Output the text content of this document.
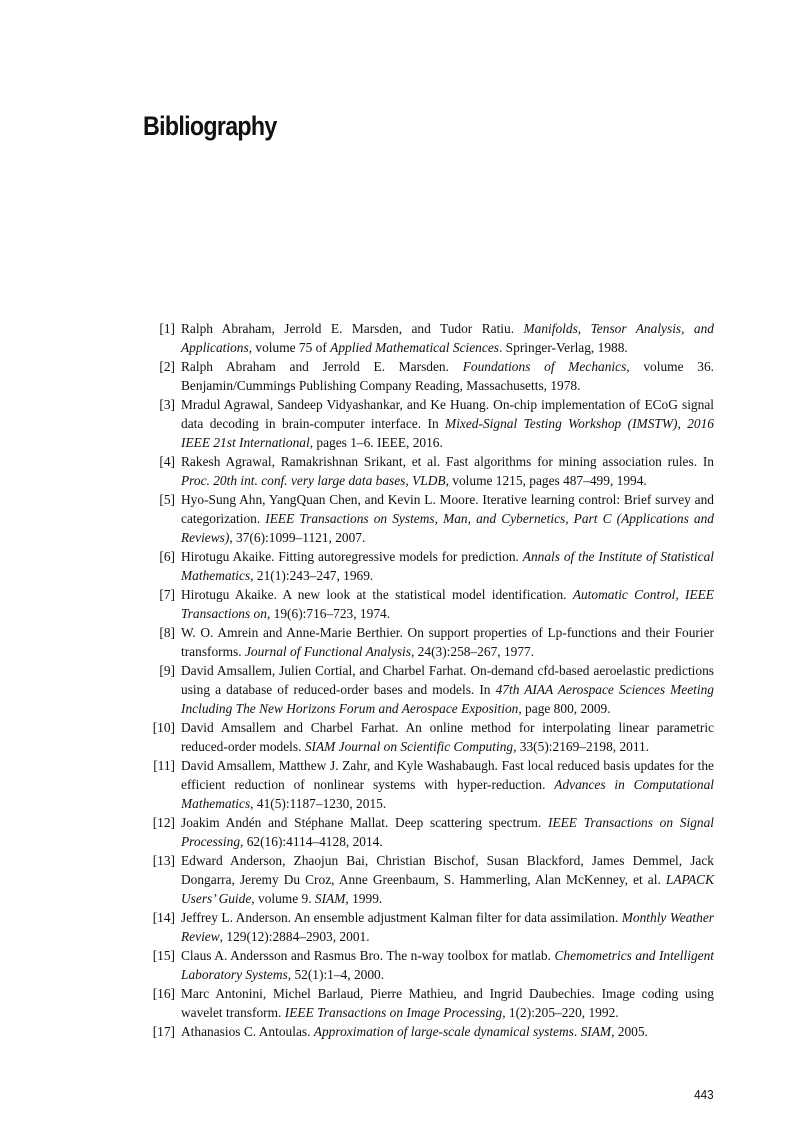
Bibliography
[1] Ralph Abraham, Jerrold E. Marsden, and Tudor Ratiu. Manifolds, Tensor Analysis, and Applications, volume 75 of Applied Mathematical Sciences. Springer-Verlag, 1988.
[2] Ralph Abraham and Jerrold E. Marsden. Foundations of Mechanics, volume 36. Benjamin/Cummings Publishing Company Reading, Massachusetts, 1978.
[3] Mradul Agrawal, Sandeep Vidyashankar, and Ke Huang. On-chip implementation of ECoG signal data decoding in brain-computer interface. In Mixed-Signal Testing Workshop (IMSTW), 2016 IEEE 21st International, pages 1–6. IEEE, 2016.
[4] Rakesh Agrawal, Ramakrishnan Srikant, et al. Fast algorithms for mining association rules. In Proc. 20th int. conf. very large data bases, VLDB, volume 1215, pages 487–499, 1994.
[5] Hyo-Sung Ahn, YangQuan Chen, and Kevin L. Moore. Iterative learning control: Brief survey and categorization. IEEE Transactions on Systems, Man, and Cybernetics, Part C (Applications and Reviews), 37(6):1099–1121, 2007.
[6] Hirotugu Akaike. Fitting autoregressive models for prediction. Annals of the Institute of Statistical Mathematics, 21(1):243–247, 1969.
[7] Hirotugu Akaike. A new look at the statistical model identification. Automatic Control, IEEE Transactions on, 19(6):716–723, 1974.
[8] W. O. Amrein and Anne-Marie Berthier. On support properties of Lp-functions and their Fourier transforms. Journal of Functional Analysis, 24(3):258–267, 1977.
[9] David Amsallem, Julien Cortial, and Charbel Farhat. On-demand cfd-based aeroelastic predictions using a database of reduced-order bases and models. In 47th AIAA Aerospace Sciences Meeting Including The New Horizons Forum and Aerospace Exposition, page 800, 2009.
[10] David Amsallem and Charbel Farhat. An online method for interpolating linear parametric reduced-order models. SIAM Journal on Scientific Computing, 33(5):2169–2198, 2011.
[11] David Amsallem, Matthew J. Zahr, and Kyle Washabaugh. Fast local reduced basis updates for the efficient reduction of nonlinear systems with hyper-reduction. Advances in Computational Mathematics, 41(5):1187–1230, 2015.
[12] Joakim Andén and Stéphane Mallat. Deep scattering spectrum. IEEE Transactions on Signal Processing, 62(16):4114–4128, 2014.
[13] Edward Anderson, Zhaojun Bai, Christian Bischof, Susan Blackford, James Demmel, Jack Dongarra, Jeremy Du Croz, Anne Greenbaum, S. Hammerling, Alan McKenney, et al. LAPACK Users’ Guide, volume 9. SIAM, 1999.
[14] Jeffrey L. Anderson. An ensemble adjustment Kalman filter for data assimilation. Monthly Weather Review, 129(12):2884–2903, 2001.
[15] Claus A. Andersson and Rasmus Bro. The n-way toolbox for matlab. Chemometrics and Intelligent Laboratory Systems, 52(1):1–4, 2000.
[16] Marc Antonini, Michel Barlaud, Pierre Mathieu, and Ingrid Daubechies. Image coding using wavelet transform. IEEE Transactions on Image Processing, 1(2):205–220, 1992.
[17] Athanasios C. Antoulas. Approximation of large-scale dynamical systems. SIAM, 2005.
443
